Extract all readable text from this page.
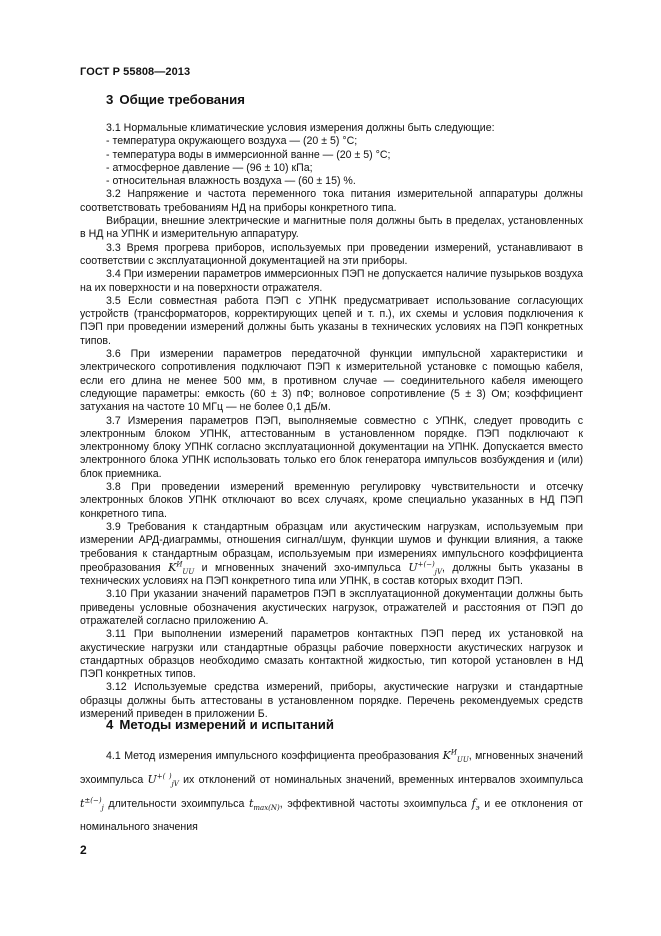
ГОСТ Р 55808—2013
3 Общие требования

3.1 Нормальные климатические условия измерения должны быть следующие:

- температура окружающего воздуха — (20 ± 5) °С;

- температура воды в иммерсионной ванне — (20 ± 5) °С;

- атмосферное давление — (96 ± 10) кПа;

- относительная влажность воздуха — (60 ± 15) %.

3.2 Напряжение и частота переменного тока питания измерительной аппаратуры должны соответствовать требованиям НД на приборы конкретного типа.

Вибрации, внешние электрические и магнитные поля должны быть в пределах, установленных в НД на УПНК и измерительную аппаратуру.

3.3 Время прогрева приборов, используемых при проведении измерений, устанавливают в соответствии с эксплуатационной документацией на эти приборы.

3.4 При измерении параметров иммерсионных ПЭП не допускается наличие пузырьков воздуха на их поверхности и на поверхности отражателя.

3.5 Если совместная работа ПЭП с УПНК предусматривает использование согласующих устройств (трансформаторов, корректирующих цепей и т. п.), их схемы и условия подключения к ПЭП при проведении измерений должны быть указаны в технических условиях на ПЭП конкретных типов.

3.6 При измерении параметров передаточной функции импульсной характеристики и электрического сопротивления подключают ПЭП к измерительной установке с помощью кабеля, если его длина не менее 500 мм, в противном случае — соединительного кабеля имеющего следующие параметры: емкость (60 ± 3) пФ; волновое сопротивление (5 ± 3) Ом; коэффициент затухания на частоте 10 МГц — не более 0,1 дБ/м.

3.7 Измерения параметров ПЭП, выполняемые совместно с УПНК, следует проводить с электронным блоком УПНК, аттестованным в установленном порядке. ПЭП подключают к электронному блоку УПНК согласно эксплуатационной документации на УПНК. Допускается вместо электронного блока УПНК использовать только его блок генератора импульсов возбуждения и (или) блок приемника.

3.8 При проведении измерений временную регулировку чувствительности и отсечку электронных блоков УПНК отключают во всех случаях, кроме специально указанных в НД ПЭП конкретного типа.

3.9 Требования к стандартным образцам или акустическим нагрузкам, используемым при измерении АРД-диаграммы, отношения сигнал/шум, функции шумов и функции влияния, а также требования к стандартным образцам, используемым при измерениях импульсного коэффициента преобразования $K^И_{UU}$ и мгновенных значений эхо-импульса $U^{+(-)}_{jV}$, должны быть указаны в технических условиях на ПЭП конкретного типа или УПНК, в состав которых входит ПЭП.

3.10 При указании значений параметров ПЭП в эксплуатационной документации должны быть приведены условные обозначения акустических нагрузок, отражателей и расстояния от ПЭП до отражателей согласно приложению А.

3.11 При выполнении измерений параметров контактных ПЭП перед их установкой на акустические нагрузки или стандартные образцы рабочие поверхности акустических нагрузок и стандартных образцов необходимо смазать контактной жидкостью, тип которой установлен в НД ПЭП конкретных типов.

3.12 Используемые средства измерений, приборы, акустические нагрузки и стандартные образцы должны быть аттестованы в установленном порядке. Перечень рекомендуемых средств измерений приведен в приложении Б.

4 Методы измерений и испытаний

4.1 Метод измерения импульсного коэффициента преобразования $K^И_{UU}$, мгновенных значений эхоимпульса $U^{+( )}_{jV}$ их отклонений от номинальных значений, временных интервалов эхоимпульса $t^{\pm(-)}_j$ длительности эхоимпульса $t_{max(N)}$, эффективной частоты эхоимпульса $f_э$ и ее отклонения от номинального значения

2
